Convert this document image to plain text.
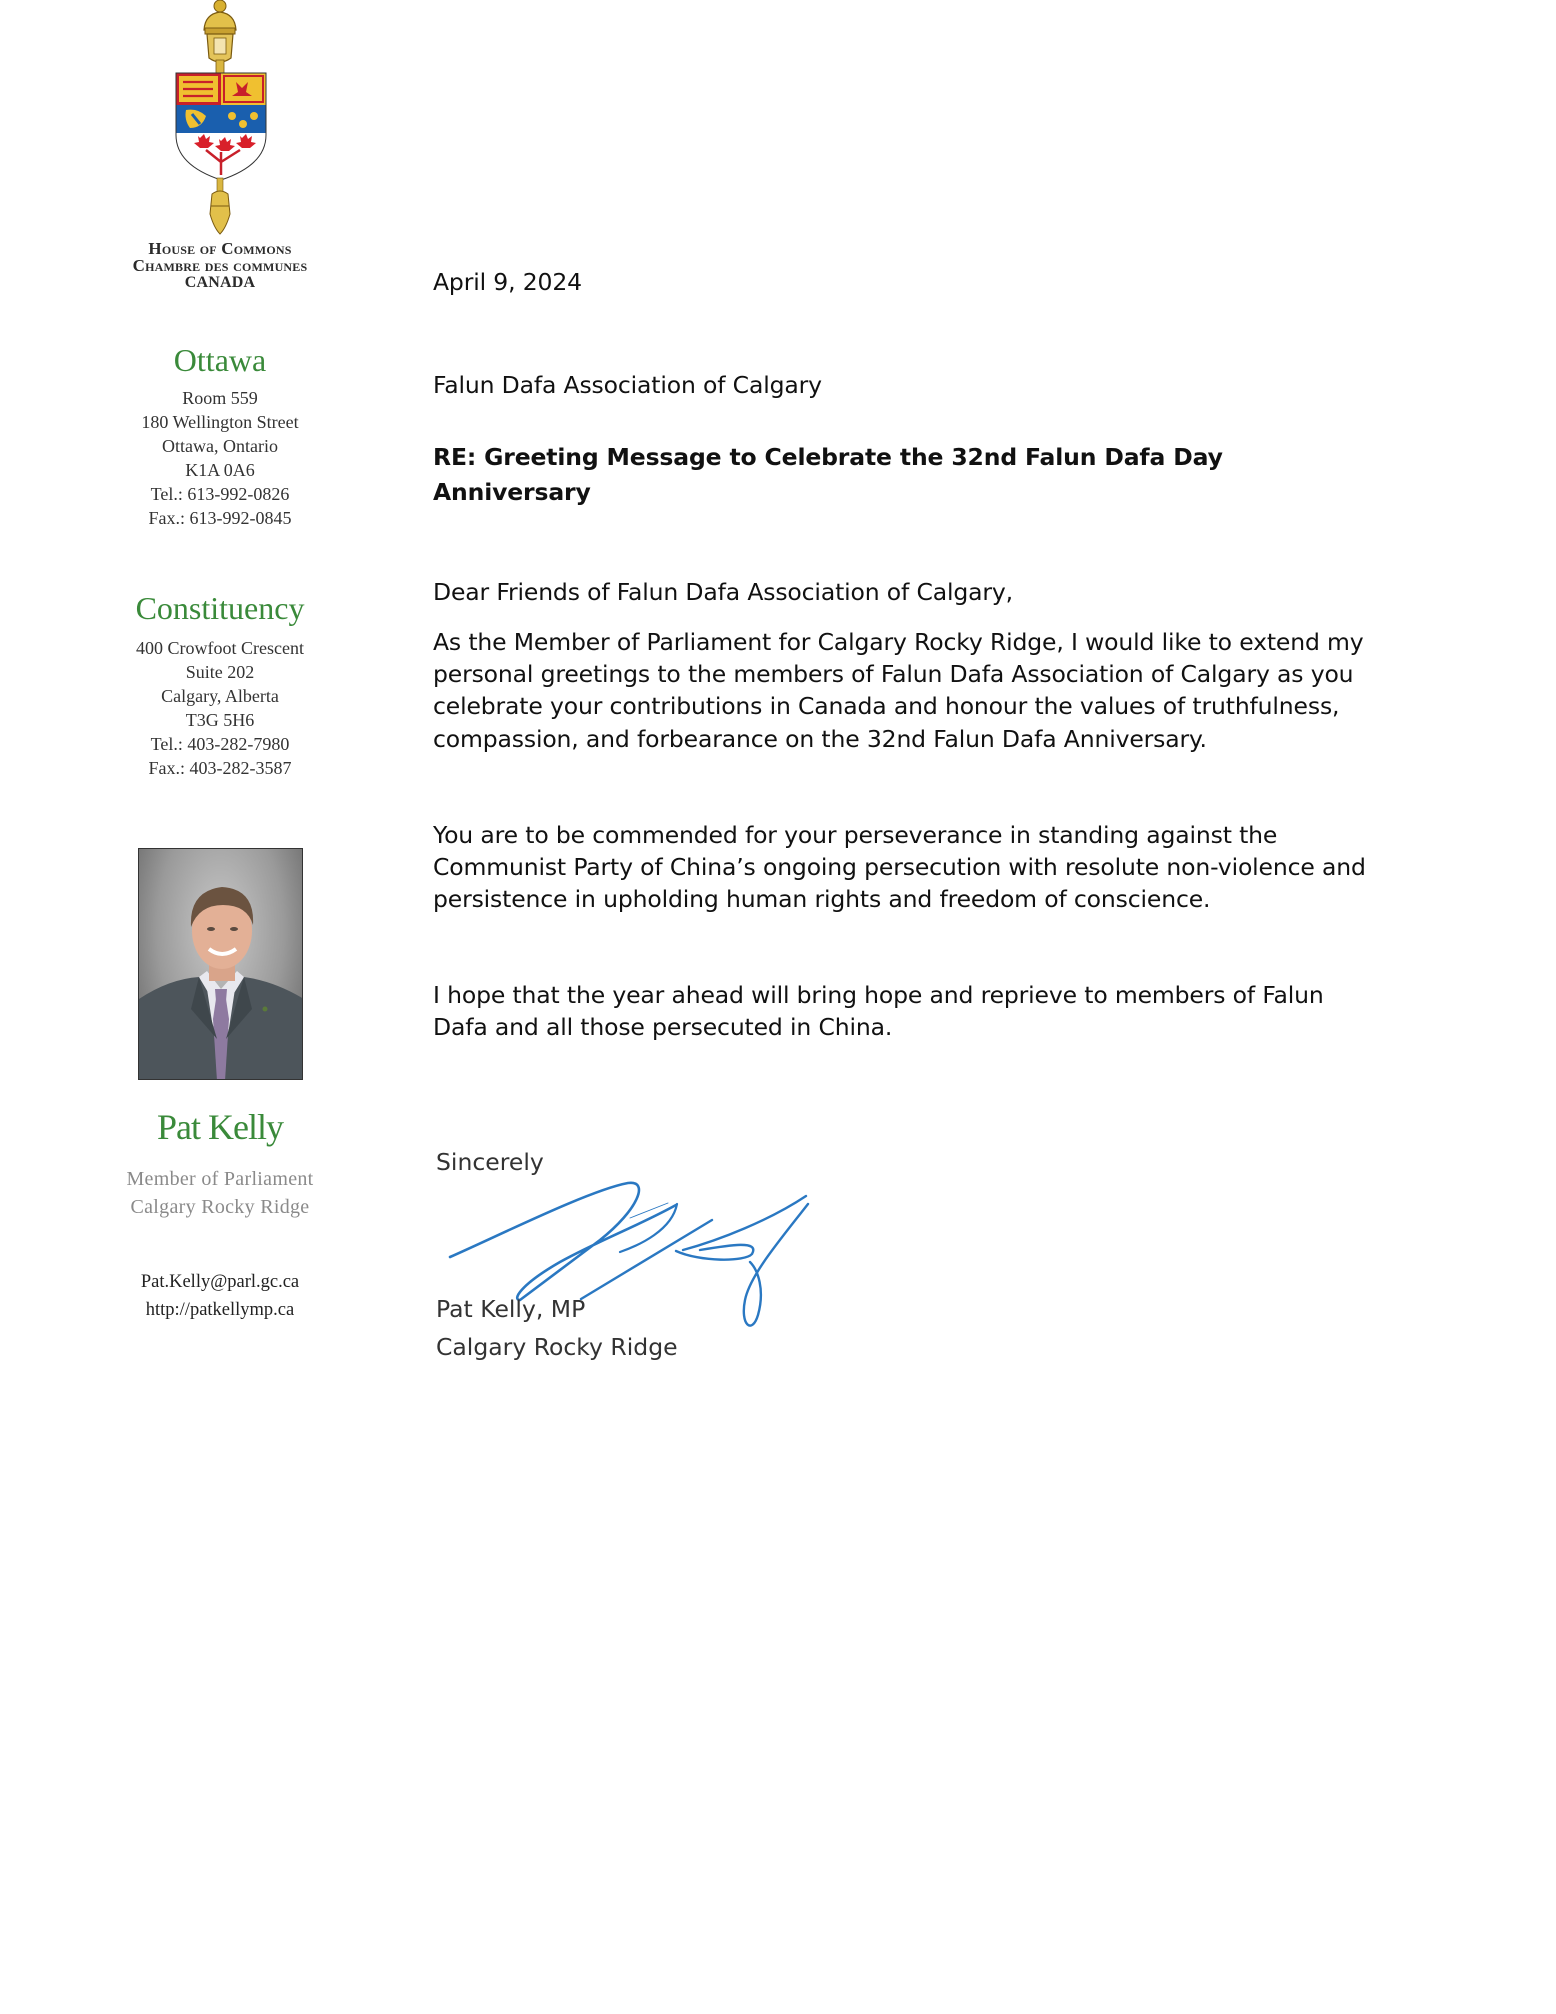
House of Commons
Chambre des communes
CANADA
Ottawa
Room 559
180 Wellington Street
Ottawa, Ontario
K1A 0A6
Tel.: 613-992-0826
Fax.: 613-992-0845
Constituency
400 Crowfoot Crescent
Suite 202
Calgary, Alberta
T3G 5H6
Tel.: 403-282-7980
Fax.: 403-282-3587
Pat Kelly
Member of Parliament
Calgary Rocky Ridge
Pat.Kelly@parl.gc.ca
http://patkellymp.ca
April 9, 2024
Falun Dafa Association of Calgary
RE: Greeting Message to Celebrate the 32nd Falun Dafa Day
Anniversary
Dear Friends of Falun Dafa Association of Calgary,
As the Member of Parliament for Calgary Rocky Ridge, I would like to extend my personal greetings to the members of Falun Dafa Association of Calgary as you celebrate your contributions in Canada and honour the values of truthfulness, compassion, and forbearance on the 32nd Falun Dafa Anniversary.
You are to be commended for your perseverance in standing against the Communist Party of China’s ongoing persecution with resolute non-violence and persistence in upholding human rights and freedom of conscience.
I hope that the year ahead will bring hope and reprieve to members of Falun Dafa and all those persecuted in China.
Sincerely
Pat Kelly, MP
Calgary Rocky Ridge
